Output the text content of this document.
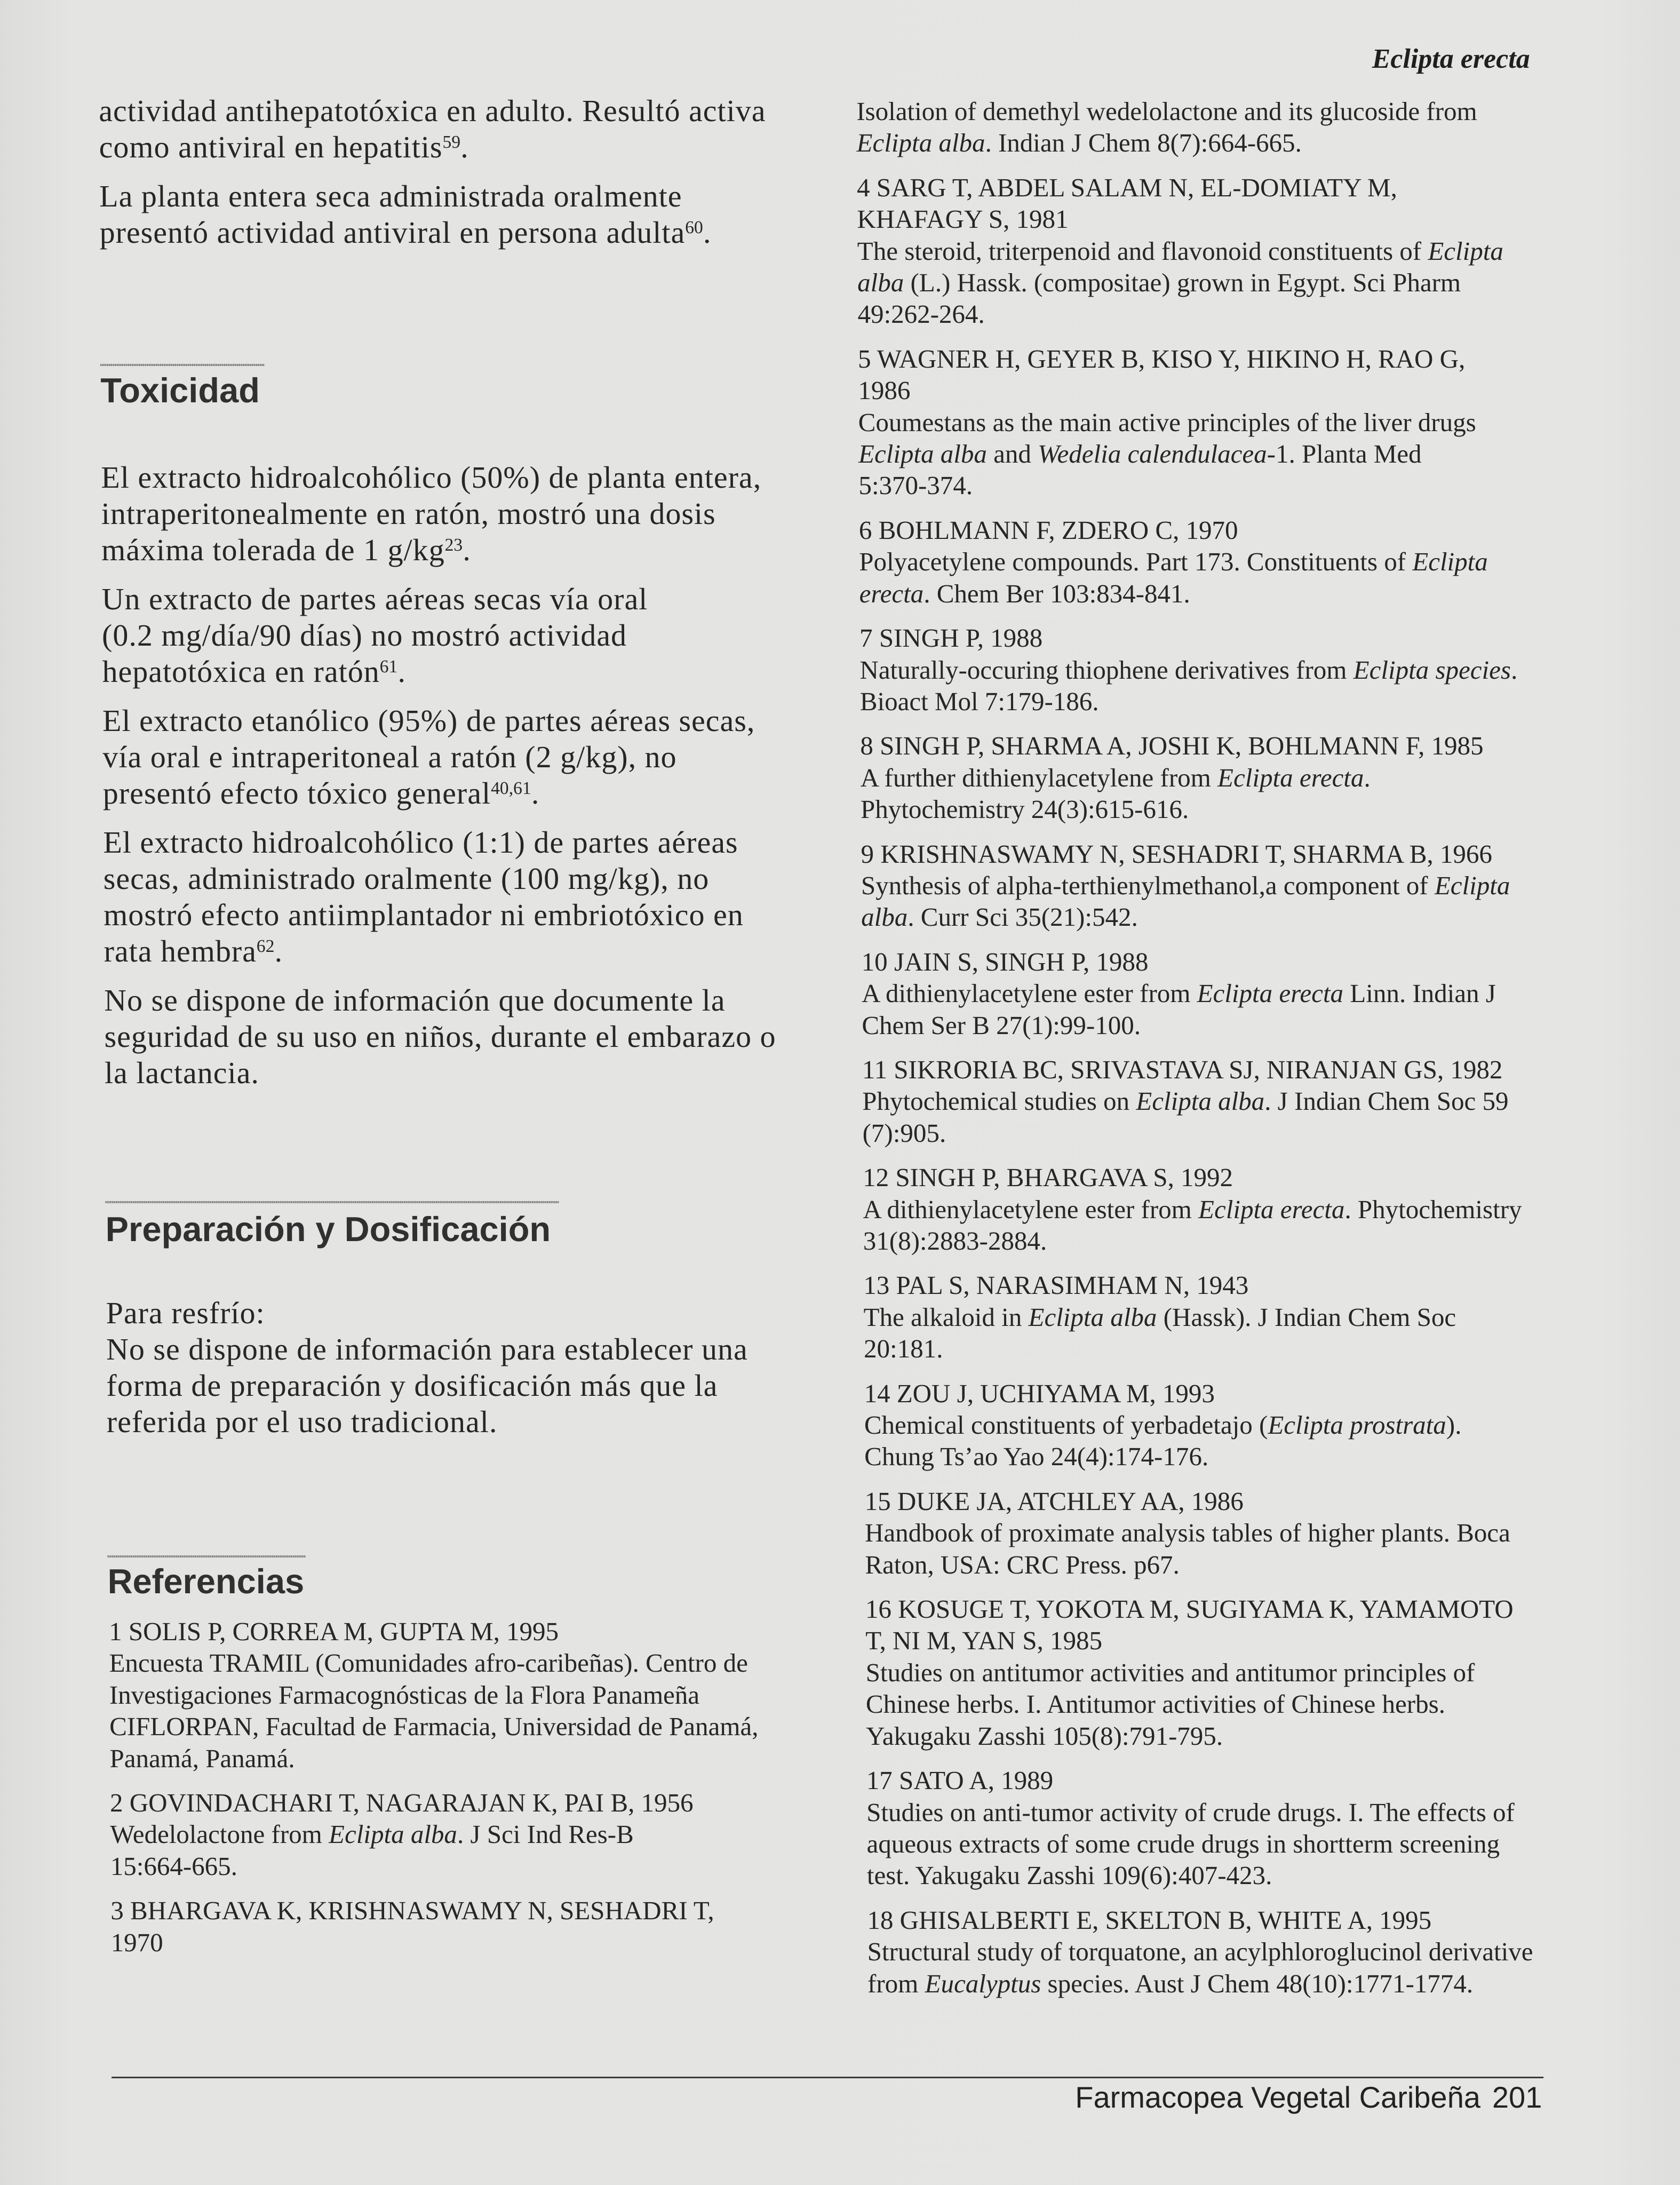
Eclipta erecta
actividad antihepatotóxica en adulto. Resultó activa
como antiviral en hepatitis$^{59}$.
La planta entera seca administrada oralmente
presentó actividad antiviral en persona adulta$^{60}$.
Toxicidad
El extracto hidroalcohólico (50%) de planta entera,
intraperitonealmente en ratón, mostró una dosis
máxima tolerada de 1 $g/kg^{23}$.
Un extracto de partes aéreas secas vía oral
(0.2 mg/día/90 días) no mostró actividad
hepatotóxica en ratón$^{61}$.
El extracto etanólico (95%) de partes aéreas secas,
vía oral e intraperitoneal a ratón (2 g/kg), no
presentó efecto tóxico general$^{40,61}$.
El extracto hidroalcohólico (1:1) de partes aéreas
secas, administrado oralmente (100 mg/kg), no
mostró efecto antiimplantador ni embriotóxico en
rata hembra$^{62}$.
No se dispone de información que documente la
seguridad de su uso en niños, durante el embarazo o
la lactancia.
Preparación y Dosificación
Para resfrío:
No se dispone de información para establecer una
forma de preparación y dosificación más que la
referida por el uso tradicional.
Referencias
1 SOLIS P, CORREA M, GUPTA M, 1995
Encuesta TRAMIL (Comunidades afro-caribeñas). Centro de
Investigaciones Farmacognósticas de la Flora Panameña
CIFLORPAN, Facultad de Farmacia, Universidad de Panamá,
Panamá, Panamá.
2 GOVINDACHARI T, NAGARAJAN K, PAI B, 1956
Wedelolactone from Eclipta alba. J Sci Ind Res-B
15:664-665.
3 BHARGAVA K, KRISHNASWAMY N, SESHADRI T,
1970
Isolation of demethyl wedelolactone and its glucoside from
Eclipta alba. Indian J Chem 8(7):664-665.
4 SARG T, ABDEL SALAM N, EL-DOMIATY M,
KHAFAGY S, 1981
The steroid, triterpenoid and flavonoid constituents of Eclipta
alba (L.) Hassk. (compositae) grown in Egypt. Sci Pharm
49:262-264.
5 WAGNER H, GEYER B, KISO Y, HIKINO H, RAO G,
1986
Coumestans as the main active principles of the liver drugs
Eclipta alba and Wedelia calendulacea-1. Planta Med
5:370-374.
6 BOHLMANN F, ZDERO C, 1970
Polyacetylene compounds. Part 173. Constituents of Eclipta
erecta. Chem Ber 103:834-841.
7 SINGH P, 1988
Naturally-occuring thiophene derivatives from Eclipta species.
Bioact Mol 7:179-186.
8 SINGH P, SHARMA A, JOSHI K, BOHLMANN F, 1985
A further dithienylacetylene from Eclipta erecta.
Phytochemistry 24(3):615-616.
9 KRISHNASWAMY N, SESHADRI T, SHARMA B, 1966
Synthesis of alpha-terthienylmethanol,a component of Eclipta
alba. Curr Sci 35(21):542.
10 JAIN S, SINGH P, 1988
A dithienylacetylene ester from Eclipta erecta Linn. Indian J
Chem Ser B 27(1):99-100.
11 SIKRORIA BC, SRIVASTAVA SJ, NIRANJAN GS, 1982
Phytochemical studies on Eclipta alba. J Indian Chem Soc 59
(7):905.
12 SINGH P, BHARGAVA S, 1992
A dithienylacetylene ester from Eclipta erecta. Phytochemistry
31(8):2883-2884.
13 PAL S, NARASIMHAM N, 1943
The alkaloid in Eclipta alba (Hassk). J Indian Chem Soc
20:181.
14 ZOU J, UCHIYAMA M, 1993
Chemical constituents of yerbadetajo (Eclipta prostrata).
Chung Ts’ao Yao 24(4):174-176.
15 DUKE JA, ATCHLEY AA, 1986
Handbook of proximate analysis tables of higher plants. Boca
Raton, USA: CRC Press. p67.
16 KOSUGE T, YOKOTA M, SUGIYAMA K, YAMAMOTO
T, NI M, YAN S, 1985
Studies on antitumor activities and antitumor principles of
Chinese herbs. I. Antitumor activities of Chinese herbs.
Yakugaku Zasshi 105(8):791-795.
17 SATO A, 1989
Studies on anti-tumor activity of crude drugs. I. The effects of
aqueous extracts of some crude drugs in shortterm screening
test. Yakugaku Zasshi 109(6):407-423.
18 GHISALBERTI E, SKELTON B, WHITE A, 1995
Structural study of torquatone, an acylphloroglucinol derivative
from Eucalyptus species. Aust J Chem 48(10):1771-1774.
Farmacopea Vegetal Caribeña 201
